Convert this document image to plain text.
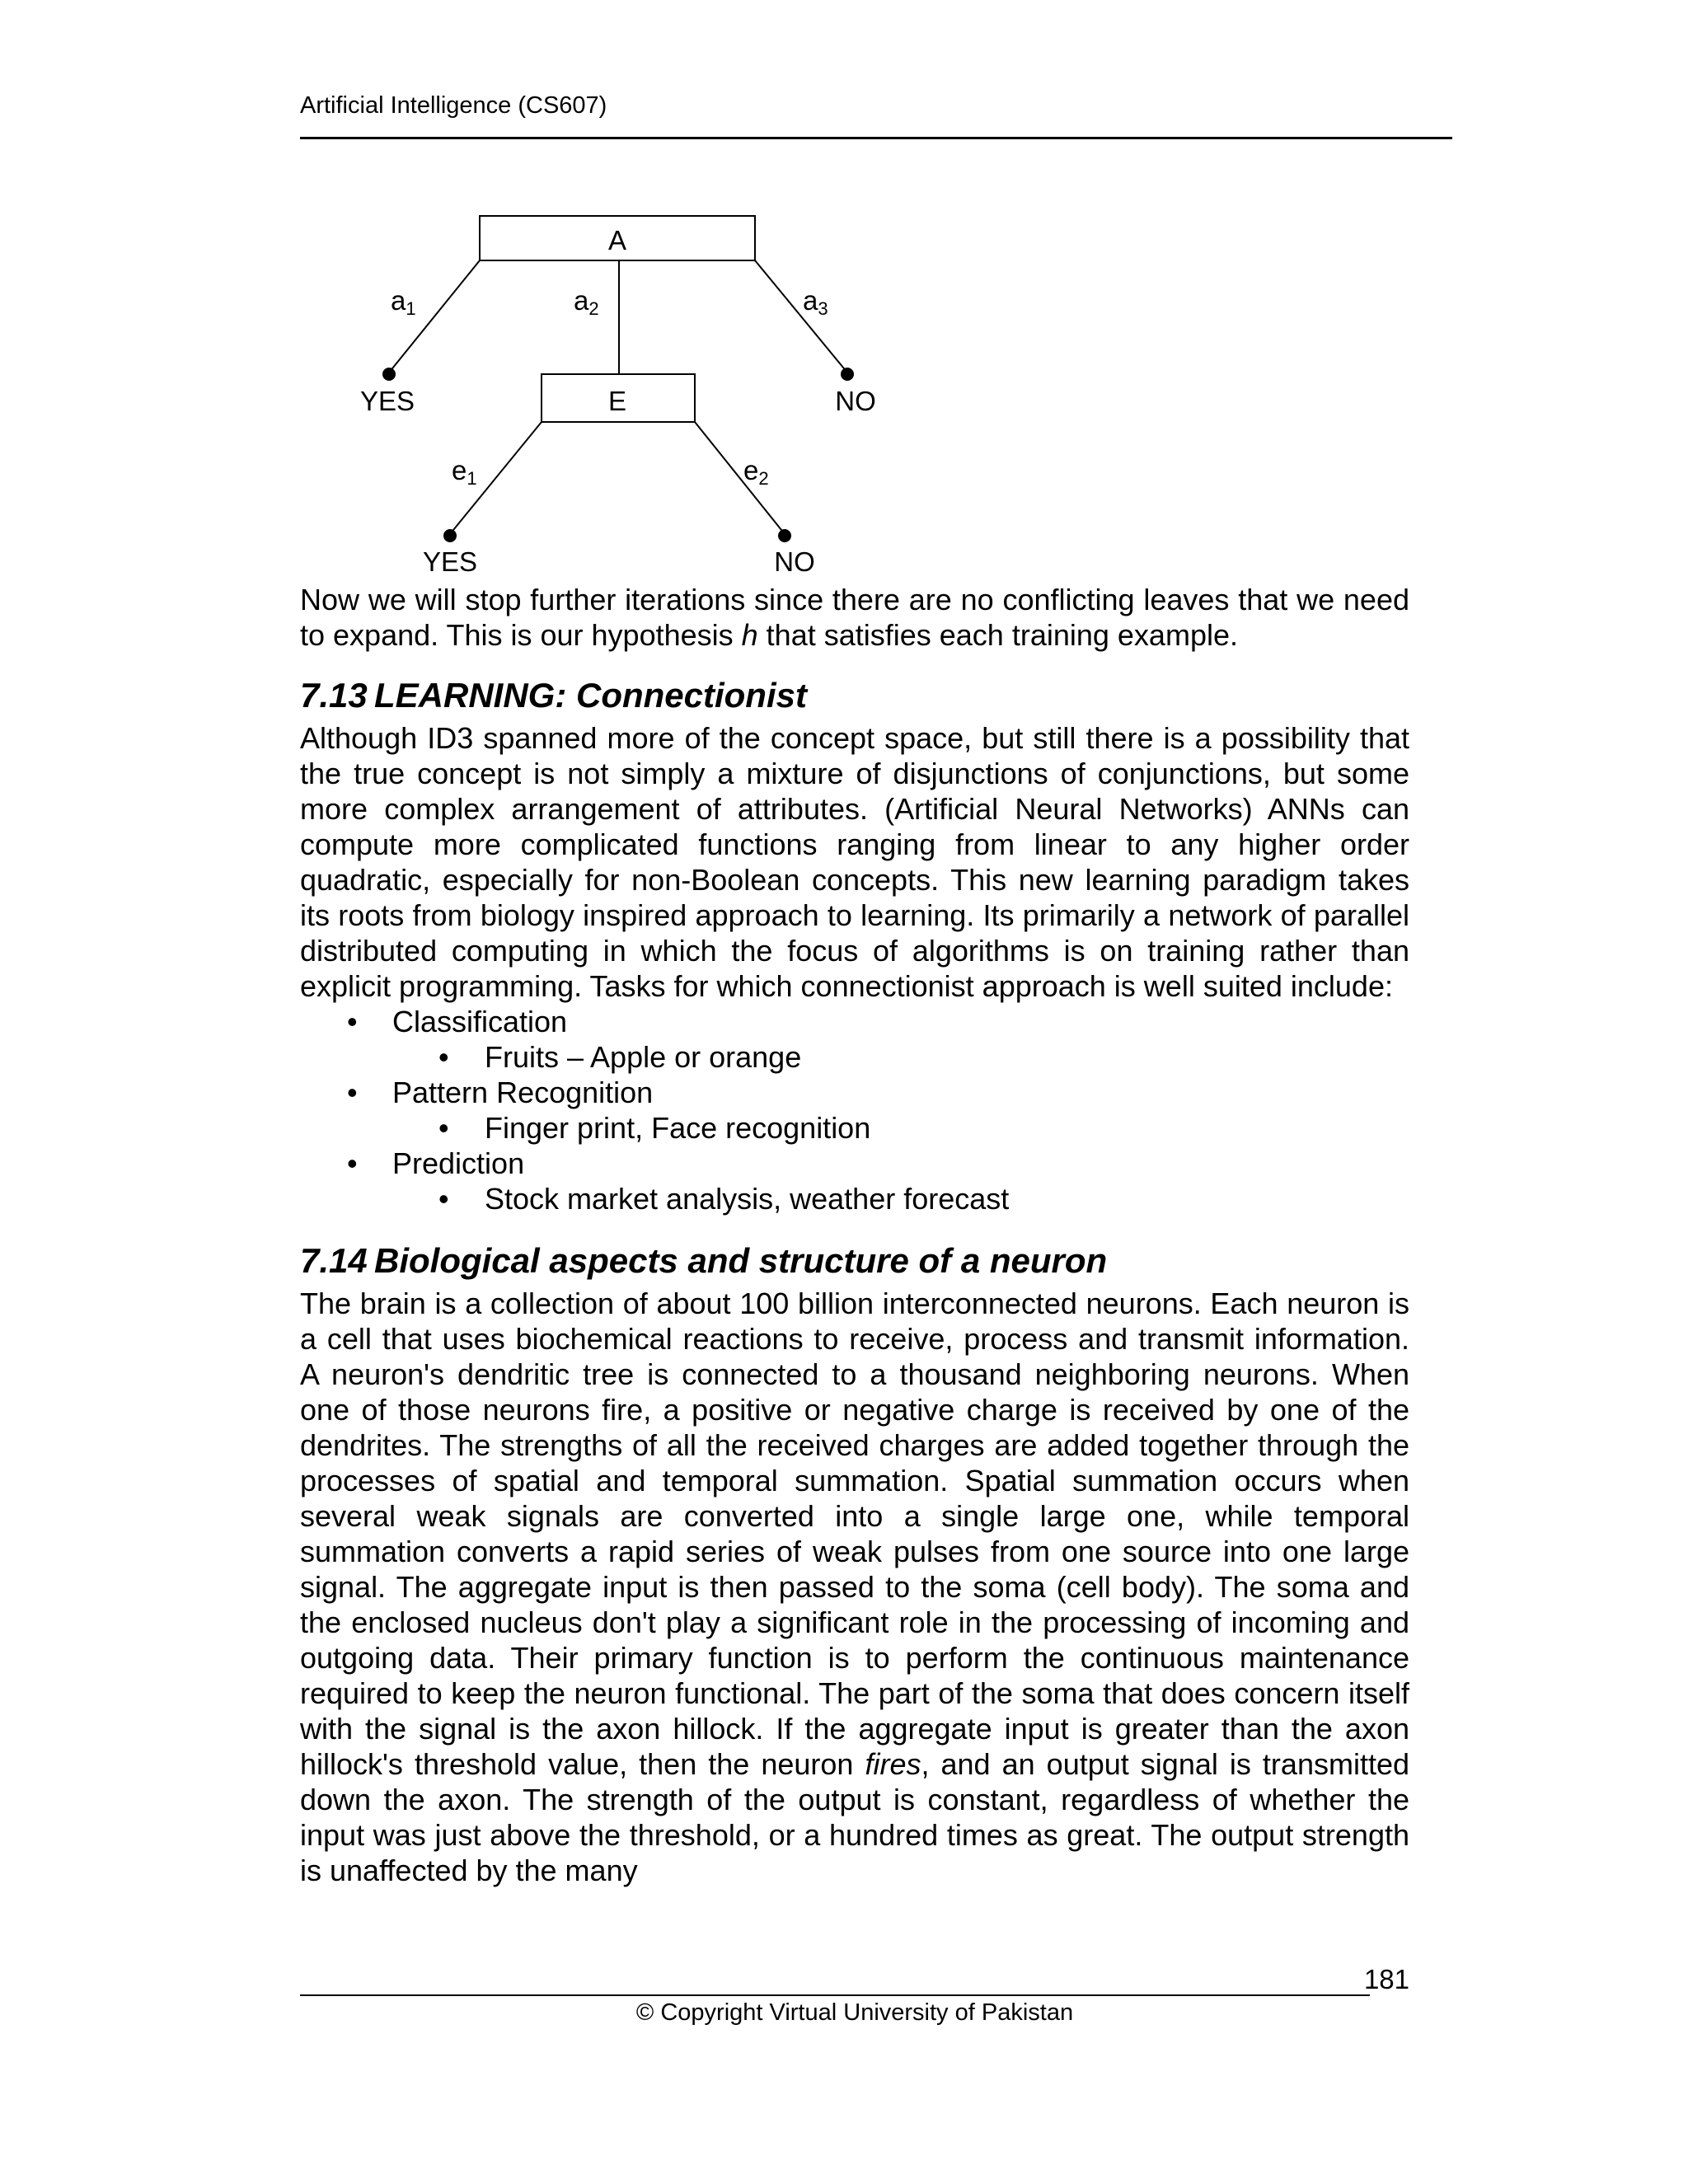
Artificial Intelligence (CS607)
A
a1	a2	a3
YES	NO
E
e1	e2
YES	NO

Now we will stop further iterations since there are no conflicting leaves that we need to expand. This is our hypothesis h that satisfies each training example.

7.13 LEARNING: Connectionist

Although ID3 spanned more of the concept space, but still there is a possibility that the true concept is not simply a mixture of disjunctions of conjunctions, but some more complex arrangement of attributes. (Artificial Neural Networks) ANNs can compute more complicated functions ranging from linear to any higher order quadratic, especially for non-Boolean concepts. This new learning paradigm takes its roots from biology inspired approach to learning. Its primarily a network of parallel distributed computing in which the focus of algorithms is on training rather than explicit programming. Tasks for which connectionist approach is well suited include:

• Classification
• Fruits – Apple or orange
• Pattern Recognition
• Finger print, Face recognition
• Prediction
• Stock market analysis, weather forecast
7.14 Biological aspects and structure of a neuron

The brain is a collection of about 100 billion interconnected neurons. Each neuron is a cell that uses biochemical reactions to receive, process and transmit information. A neuron's dendritic tree is connected to a thousand neighboring neurons. When one of those neurons fire, a positive or negative charge is received by one of the dendrites. The strengths of all the received charges are added together through the processes of spatial and temporal summation. Spatial summation occurs when several weak signals are converted into a single large one, while temporal summation converts a rapid series of weak pulses from one source into one large signal. The aggregate input is then passed to the soma (cell body). The soma and the enclosed nucleus don't play a significant role in the processing of incoming and outgoing data. Their primary function is to perform the continuous maintenance required to keep the neuron functional. The part of the soma that does concern itself with the signal is the axon hillock. If the aggregate input is greater than the axon hillock's threshold value, then the neuron fires, and an output signal is transmitted down the axon. The strength of the output is constant, regardless of whether the input was just above the threshold, or a hundred times as great. The output strength is unaffected by the many

181
© Copyright Virtual University of Pakistan
